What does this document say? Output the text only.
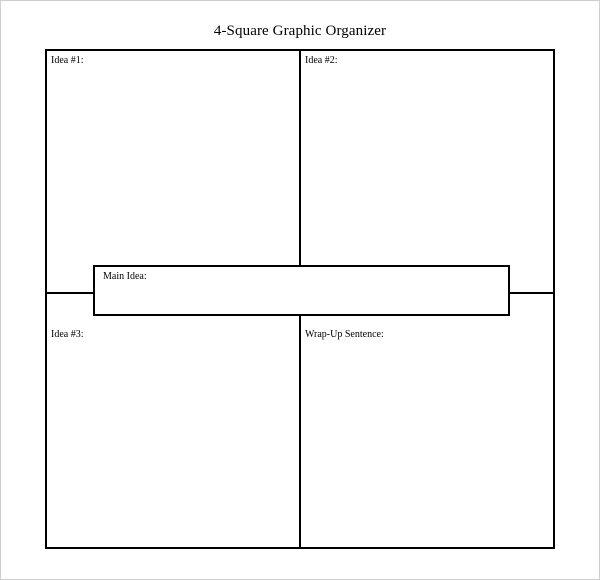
4-Square Graphic Organizer
Idea #1:	Idea #2:
Idea #3:	Wrap-Up Sentence:
Main Idea:
